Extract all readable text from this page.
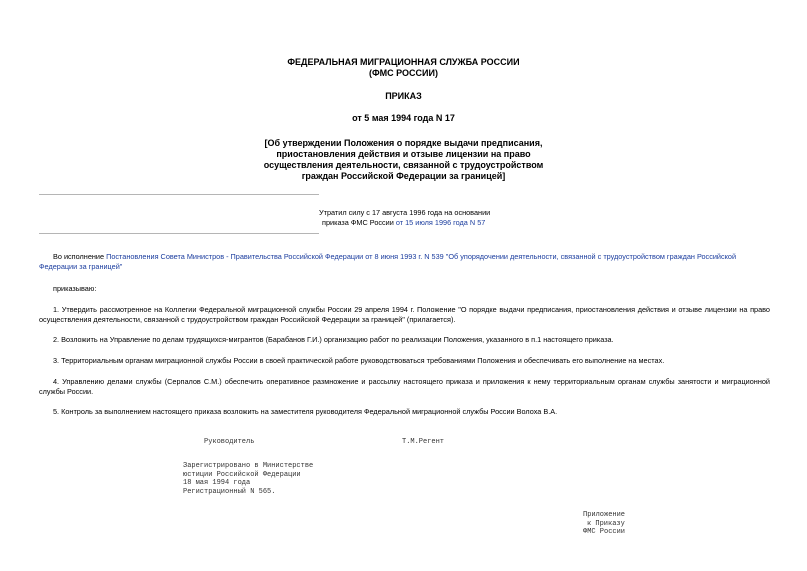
ФЕДЕРАЛЬНАЯ МИГРАЦИОННАЯ СЛУЖБА РОССИИ
(ФМС РОССИИ)
ПРИКАЗ
от 5 мая 1994 года N 17
[Об утверждении Положения о порядке выдачи предписания,
приостановления действия и отзыве лицензии на право
осуществления деятельности, связанной с трудоустройством
граждан Российской Федерации за границей]
Утратил силу с 17 августа 1996 года на основании
приказа ФМС России от 15 июля 1996 года N 57
Во исполнение Постановления Совета Министров - Правительства Российской Федерации от 8 июня 1993 г. N 539 "Об упорядочении деятельности, связанной с трудоустройством граждан Российской Федерации за границей"
приказываю:
1. Утвердить рассмотренное на Коллегии Федеральной миграционной службы России 29 апреля 1994 г. Положение "О порядке выдачи предписания, приостановления действия и отзыве лицензии на право осуществления деятельности, связанной с трудоустройством граждан Российской Федерации за границей" (прилагается).
2. Возложить на Управление по делам трудящихся-мигрантов (Барабанов Г.И.) организацию работ по реализации Положения, указанного в п.1 настоящего приказа.
3. Территориальным органам миграционной службы России в своей практической работе руководствоваться требованиями Положения и обеспечивать его выполнение на местах.
4. Управлению делами службы (Серпалов С.М.) обеспечить оперативное размножение и рассылку настоящего приказа и приложения к нему территориальным органам службы занятости и миграционной службы России.
5. Контроль за выполнением настоящего приказа возложить на заместителя руководителя Федеральной миграционной службы России Волоха В.А.
Руководитель	Т.М.Регент
Зарегистрировано в Министерстве
юстиции Российской Федерации
18 мая 1994 года
Регистрационный N 565.
Приложение
к Приказу
ФМС России
